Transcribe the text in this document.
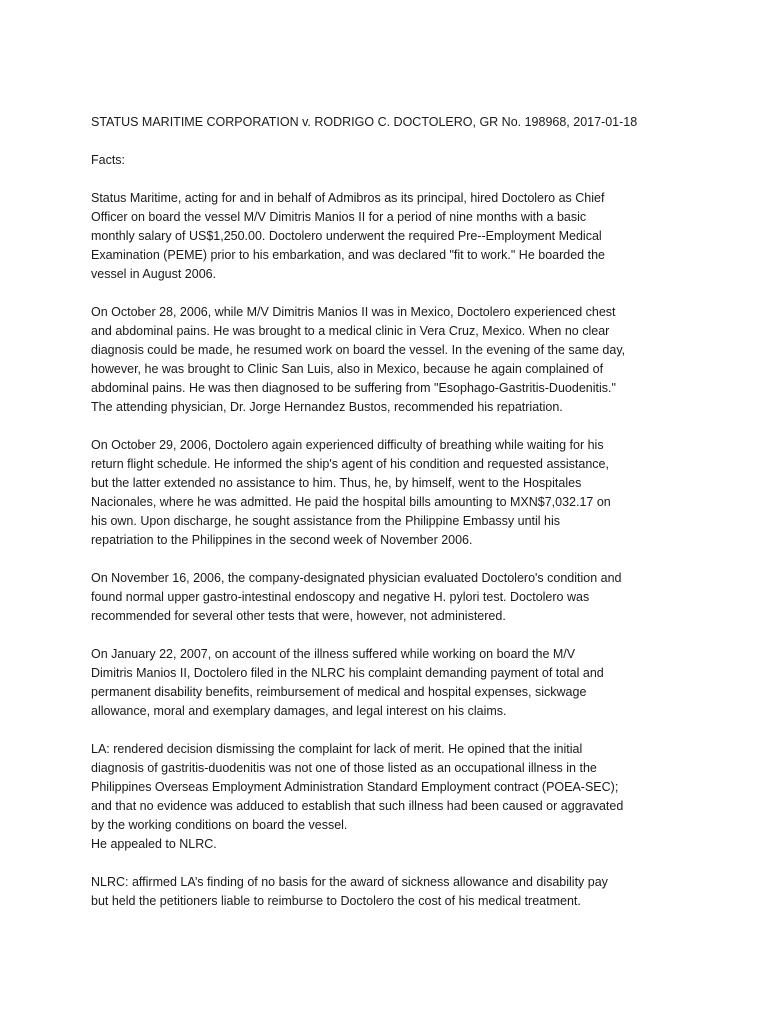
STATUS MARITIME CORPORATION v. RODRIGO C. DOCTOLERO, GR No. 198968, 2017-01-18
Facts:
Status Maritime, acting for and in behalf of Admibros as its principal, hired Doctolero as Chief
Officer on board the vessel M/V Dimitris Manios II for a period of nine months with a basic
monthly salary of US$1,250.00. Doctolero underwent the required Pre--Employment Medical
Examination (PEME) prior to his embarkation, and was declared "fit to work." He boarded the
vessel in August 2006.
On October 28, 2006, while M/V Dimitris Manios II was in Mexico, Doctolero experienced chest
and abdominal pains. He was brought to a medical clinic in Vera Cruz, Mexico. When no clear
diagnosis could be made, he resumed work on board the vessel. In the evening of the same day,
however, he was brought to Clinic San Luis, also in Mexico, because he again complained of
abdominal pains. He was then diagnosed to be suffering from "Esophago-Gastritis-Duodenitis."
The attending physician, Dr. Jorge Hernandez Bustos, recommended his repatriation.
On October 29, 2006, Doctolero again experienced difficulty of breathing while waiting for his
return flight schedule. He informed the ship's agent of his condition and requested assistance,
but the latter extended no assistance to him. Thus, he, by himself, went to the Hospitales
Nacionales, where he was admitted. He paid the hospital bills amounting to MXN$7,032.17 on
his own. Upon discharge, he sought assistance from the Philippine Embassy until his
repatriation to the Philippines in the second week of November 2006.
On November 16, 2006, the company-designated physician evaluated Doctolero's condition and
found normal upper gastro-intestinal endoscopy and negative H. pylori test. Doctolero was
recommended for several other tests that were, however, not administered.
On January 22, 2007, on account of the illness suffered while working on board the M/V
Dimitris Manios II, Doctolero filed in the NLRC his complaint demanding payment of total and
permanent disability benefits, reimbursement of medical and hospital expenses, sickwage
allowance, moral and exemplary damages, and legal interest on his claims.
LA: rendered decision dismissing the complaint for lack of merit. He opined that the initial
diagnosis of gastritis-duodenitis was not one of those listed as an occupational illness in the
Philippines Overseas Employment Administration Standard Employment contract (POEA-SEC);
and that no evidence was adduced to establish that such illness had been caused or aggravated
by the working conditions on board the vessel.
He appealed to NLRC.
NLRC: affirmed LA’s finding of no basis for the award of sickness allowance and disability pay
but held the petitioners liable to reimburse to Doctolero the cost of his medical treatment.
